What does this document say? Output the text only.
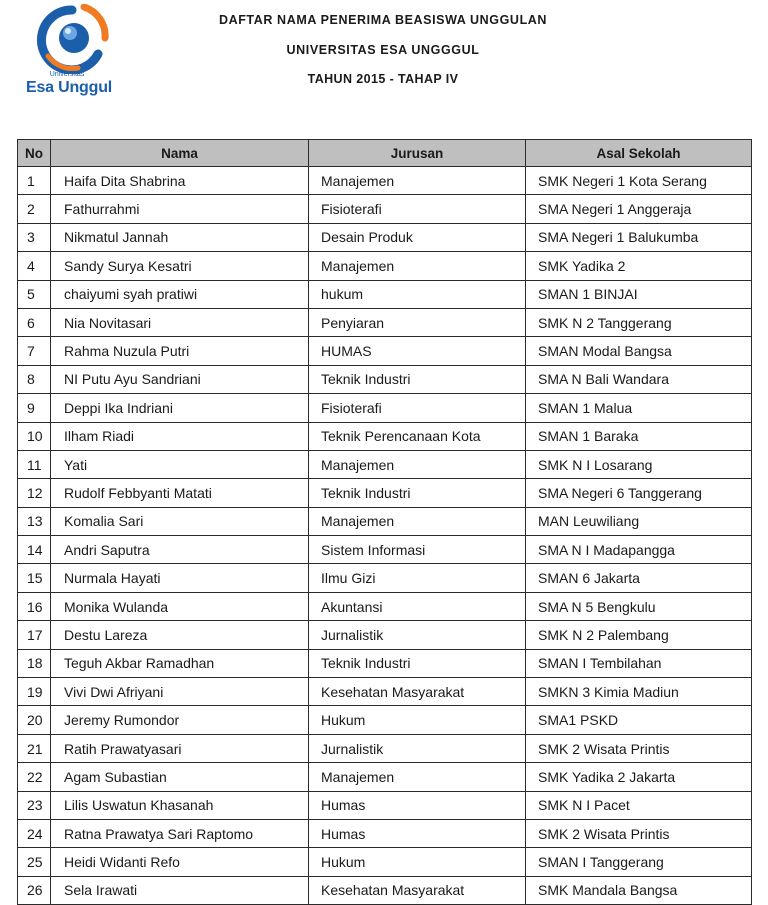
Universitas
Esa Unggul
DAFTAR NAMA PENERIMA BEASISWA UNGGULAN
UNIVERSITAS ESA UNGGGUL
TAHUN 2015 - TAHAP IV
No	Nama	Jurusan	Asal Sekolah
1	Haifa Dita Shabrina	Manajemen	SMK Negeri 1 Kota Serang
2	Fathurrahmi	Fisioterafi	SMA Negeri 1 Anggeraja
3	Nikmatul Jannah	Desain Produk	SMA Negeri 1 Balukumba
4	Sandy Surya Kesatri	Manajemen	SMK Yadika 2
5	chaiyumi syah pratiwi	hukum	SMAN 1 BINJAI
6	Nia Novitasari	Penyiaran	SMK N 2 Tanggerang
7	Rahma Nuzula Putri	HUMAS	SMAN Modal Bangsa
8	NI Putu Ayu Sandriani	Teknik Industri	SMA N Bali Wandara
9	Deppi Ika Indriani	Fisioterafi	SMAN 1 Malua
10	Ilham Riadi	Teknik Perencanaan Kota	SMAN 1 Baraka
11	Yati	Manajemen	SMK N I Losarang
12	Rudolf Febbyanti Matati	Teknik Industri	SMA Negeri 6 Tanggerang
13	Komalia Sari	Manajemen	MAN Leuwiliang
14	Andri Saputra	Sistem Informasi	SMA N I Madapangga
15	Nurmala Hayati	Ilmu Gizi	SMAN 6 Jakarta
16	Monika Wulanda	Akuntansi	SMA N 5 Bengkulu
17	Destu Lareza	Jurnalistik	SMK N 2 Palembang
18	Teguh Akbar Ramadhan	Teknik Industri	SMAN I Tembilahan
19	Vivi Dwi Afriyani	Kesehatan Masyarakat	SMKN 3 Kimia Madiun
20	Jeremy Rumondor	Hukum	SMA1 PSKD
21	Ratih Prawatyasari	Jurnalistik	SMK 2 Wisata Printis
22	Agam Subastian	Manajemen	SMK Yadika 2 Jakarta
23	Lilis Uswatun Khasanah	Humas	SMK N I Pacet
24	Ratna Prawatya Sari Raptomo	Humas	SMK 2 Wisata Printis
25	Heidi Widanti Refo	Hukum	SMAN I Tanggerang
26	Sela Irawati	Kesehatan Masyarakat	SMK Mandala Bangsa
